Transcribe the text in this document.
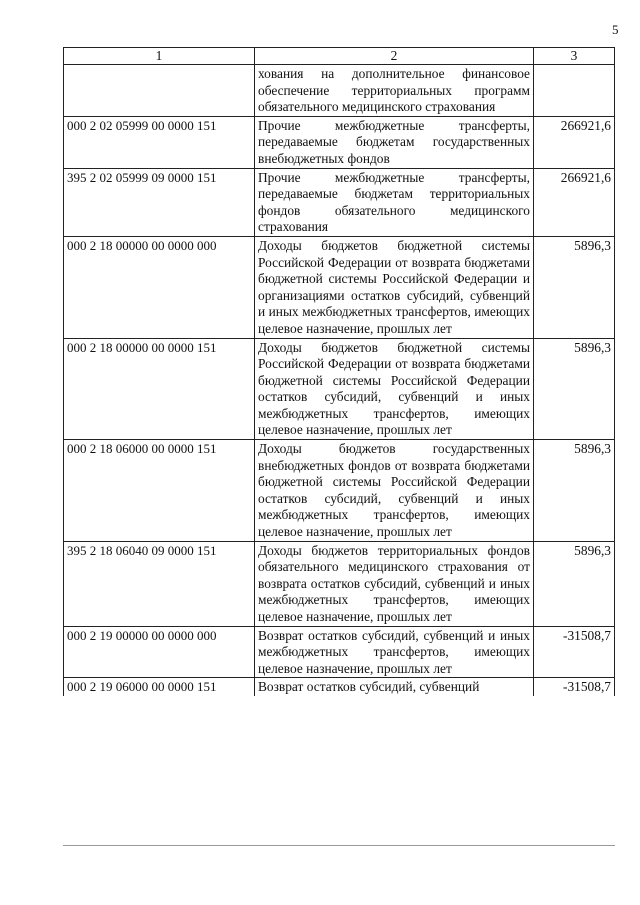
5
1	2	3
	хования на дополнительное финансовое обеспечение территориальных программ обязательного медицинского страхования	
000 2 02 05999 00 0000 151	Прочие межбюджетные трансферты, передаваемые бюджетам государственных внебюджетных фондов	266921,6
395 2 02 05999 09 0000 151	Прочие межбюджетные трансферты, передаваемые бюджетам территориальных фондов обязательного медицинского страхования	266921,6
000 2 18 00000 00 0000 000	Доходы бюджетов бюджетной системы Российской Федерации от возврата бюджетами бюджетной системы Российской Федерации и организациями остатков субсидий, субвенций и иных межбюджетных трансфертов, имеющих целевое назначение, прошлых лет	5896,3
000 2 18 00000 00 0000 151	Доходы бюджетов бюджетной системы Российской Федерации от возврата бюджетами бюджетной системы Российской Федерации остатков субсидий, субвенций и иных межбюджетных трансфертов, имеющих целевое назначение, прошлых лет	5896,3
000 2 18 06000 00 0000 151	Доходы бюджетов государственных внебюджетных фондов от возврата бюджетами бюджетной системы Российской Федерации остатков субсидий, субвенций и иных межбюджетных трансфертов, имеющих целевое назначение, прошлых лет	5896,3
395 2 18 06040 09 0000 151	Доходы бюджетов территориальных фондов обязательного медицинского страхования от возврата остатков субсидий, субвенций и иных межбюджетных трансфертов, имеющих целевое назначение, прошлых лет	5896,3
000 2 19 00000 00 0000 000	Возврат остатков субсидий, субвенций и иных межбюджетных трансфертов, имеющих целевое назначение, прошлых лет	-31508,7
000 2 19 06000 00 0000 151	Возврат остатков субсидий, субвенций	-31508,7
